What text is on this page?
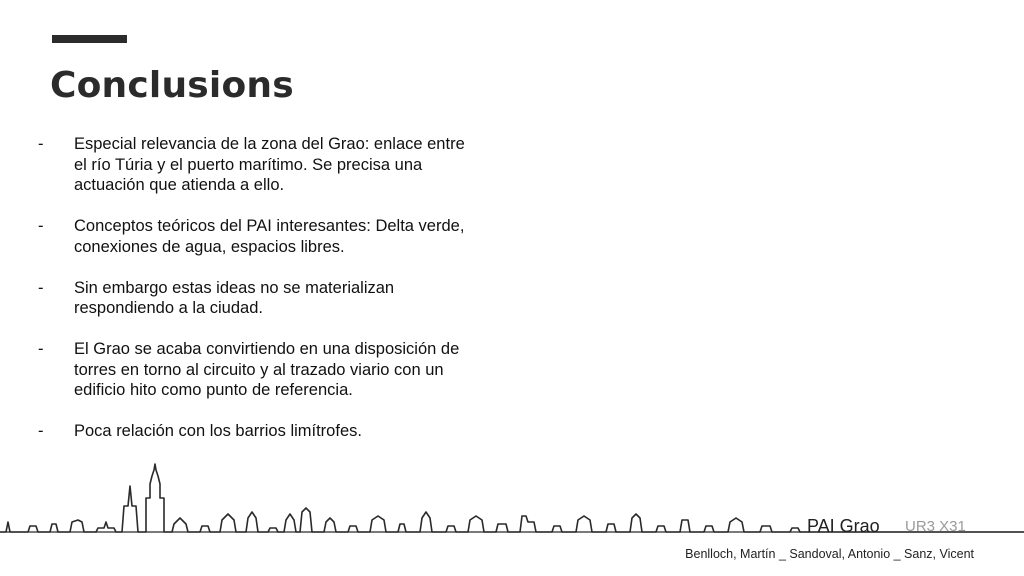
Conclusions
- Especial relevancia de la zona del Grao: enlace entre el río Túria y el puerto marítimo. Se precisa una actuación que atienda a ello.
- Conceptos teóricos del PAI interesantes: Delta verde, conexiones de agua, espacios libres.
- Sin embargo estas ideas no se materializan respondiendo a la ciudad.
- El Grao se acaba convirtiendo en una disposición de torres en torno al circuito y al trazado viario con un edificio hito como punto de referencia.
- Poca relación con los barrios limítrofes.
PAI Grao UR3 X31
Benlloch, Martín _ Sandoval, Antonio _ Sanz, Vicent
